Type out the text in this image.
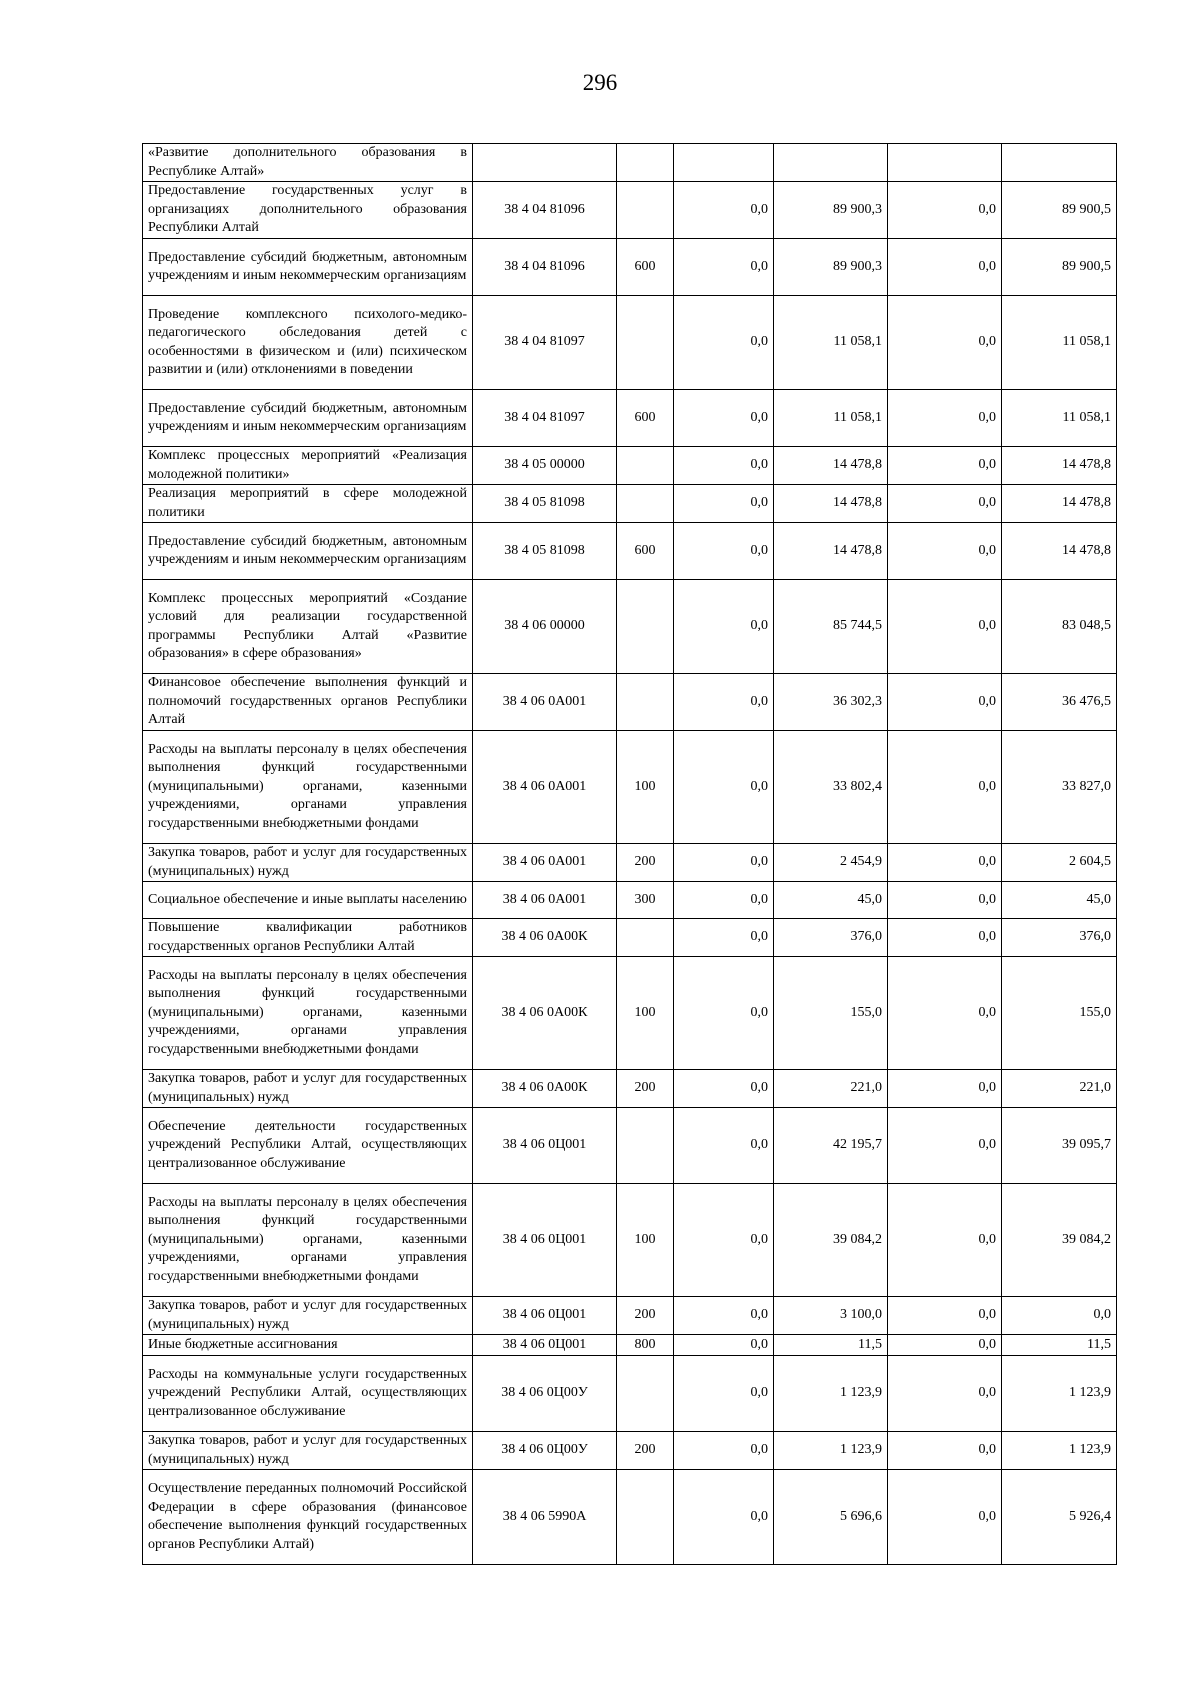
296
«Развитие дополнительного образования в Республике Алтай»						
Предоставление государственных услуг в организациях дополнительного образования Республики Алтай	38 4 04 81096		0,0	89 900,3	0,0	89 900,5
Предоставление субсидий бюджетным, автономным учреждениям и иным некоммерческим организациям	38 4 04 81096	600	0,0	89 900,3	0,0	89 900,5
Проведение комплексного психолого-медико-педагогического обследования детей с особенностями в физическом и (или) психическом развитии и (или) отклонениями в поведении	38 4 04 81097		0,0	11 058,1	0,0	11 058,1
Предоставление субсидий бюджетным, автономным учреждениям и иным некоммерческим организациям	38 4 04 81097	600	0,0	11 058,1	0,0	11 058,1
Комплекс процессных мероприятий «Реализация молодежной политики»	38 4 05 00000		0,0	14 478,8	0,0	14 478,8
Реализация мероприятий в сфере молодежной политики	38 4 05 81098		0,0	14 478,8	0,0	14 478,8
Предоставление субсидий бюджетным, автономным учреждениям и иным некоммерческим организациям	38 4 05 81098	600	0,0	14 478,8	0,0	14 478,8
Комплекс процессных мероприятий «Создание условий для реализации государственной программы Республики Алтай «Развитие образования» в сфере образования»	38 4 06 00000		0,0	85 744,5	0,0	83 048,5
Финансовое обеспечение выполнения функций и полномочий государственных органов Республики Алтай	38 4 06 0А001		0,0	36 302,3	0,0	36 476,5
Расходы на выплаты персоналу в целях обеспечения выполнения функций государственными (муниципальными) органами, казенными учреждениями, органами управления государственными внебюджетными фондами	38 4 06 0А001	100	0,0	33 802,4	0,0	33 827,0
Закупка товаров, работ и услуг для государственных (муниципальных) нужд	38 4 06 0А001	200	0,0	2 454,9	0,0	2 604,5
Социальное обеспечение и иные выплаты населению	38 4 06 0А001	300	0,0	45,0	0,0	45,0
Повышение квалификации работников государственных органов Республики Алтай	38 4 06 0А00К		0,0	376,0	0,0	376,0
Расходы на выплаты персоналу в целях обеспечения выполнения функций государственными (муниципальными) органами, казенными учреждениями, органами управления государственными внебюджетными фондами	38 4 06 0А00К	100	0,0	155,0	0,0	155,0
Закупка товаров, работ и услуг для государственных (муниципальных) нужд	38 4 06 0А00К	200	0,0	221,0	0,0	221,0
Обеспечение деятельности государственных учреждений Республики Алтай, осуществляющих централизованное обслуживание	38 4 06 0Ц001		0,0	42 195,7	0,0	39 095,7
Расходы на выплаты персоналу в целях обеспечения выполнения функций государственными (муниципальными) органами, казенными учреждениями, органами управления государственными внебюджетными фондами	38 4 06 0Ц001	100	0,0	39 084,2	0,0	39 084,2
Закупка товаров, работ и услуг для государственных (муниципальных) нужд	38 4 06 0Ц001	200	0,0	3 100,0	0,0	0,0
Иные бюджетные ассигнования	38 4 06 0Ц001	800	0,0	11,5	0,0	11,5
Расходы на коммунальные услуги государственных учреждений Республики Алтай, осуществляющих централизованное обслуживание	38 4 06 0Ц00У		0,0	1 123,9	0,0	1 123,9
Закупка товаров, работ и услуг для государственных (муниципальных) нужд	38 4 06 0Ц00У	200	0,0	1 123,9	0,0	1 123,9
Осуществление переданных полномочий Российской Федерации в сфере образования (финансовое обеспечение выполнения функций государственных органов Республики Алтай)	38 4 06 5990А		0,0	5 696,6	0,0	5 926,4
